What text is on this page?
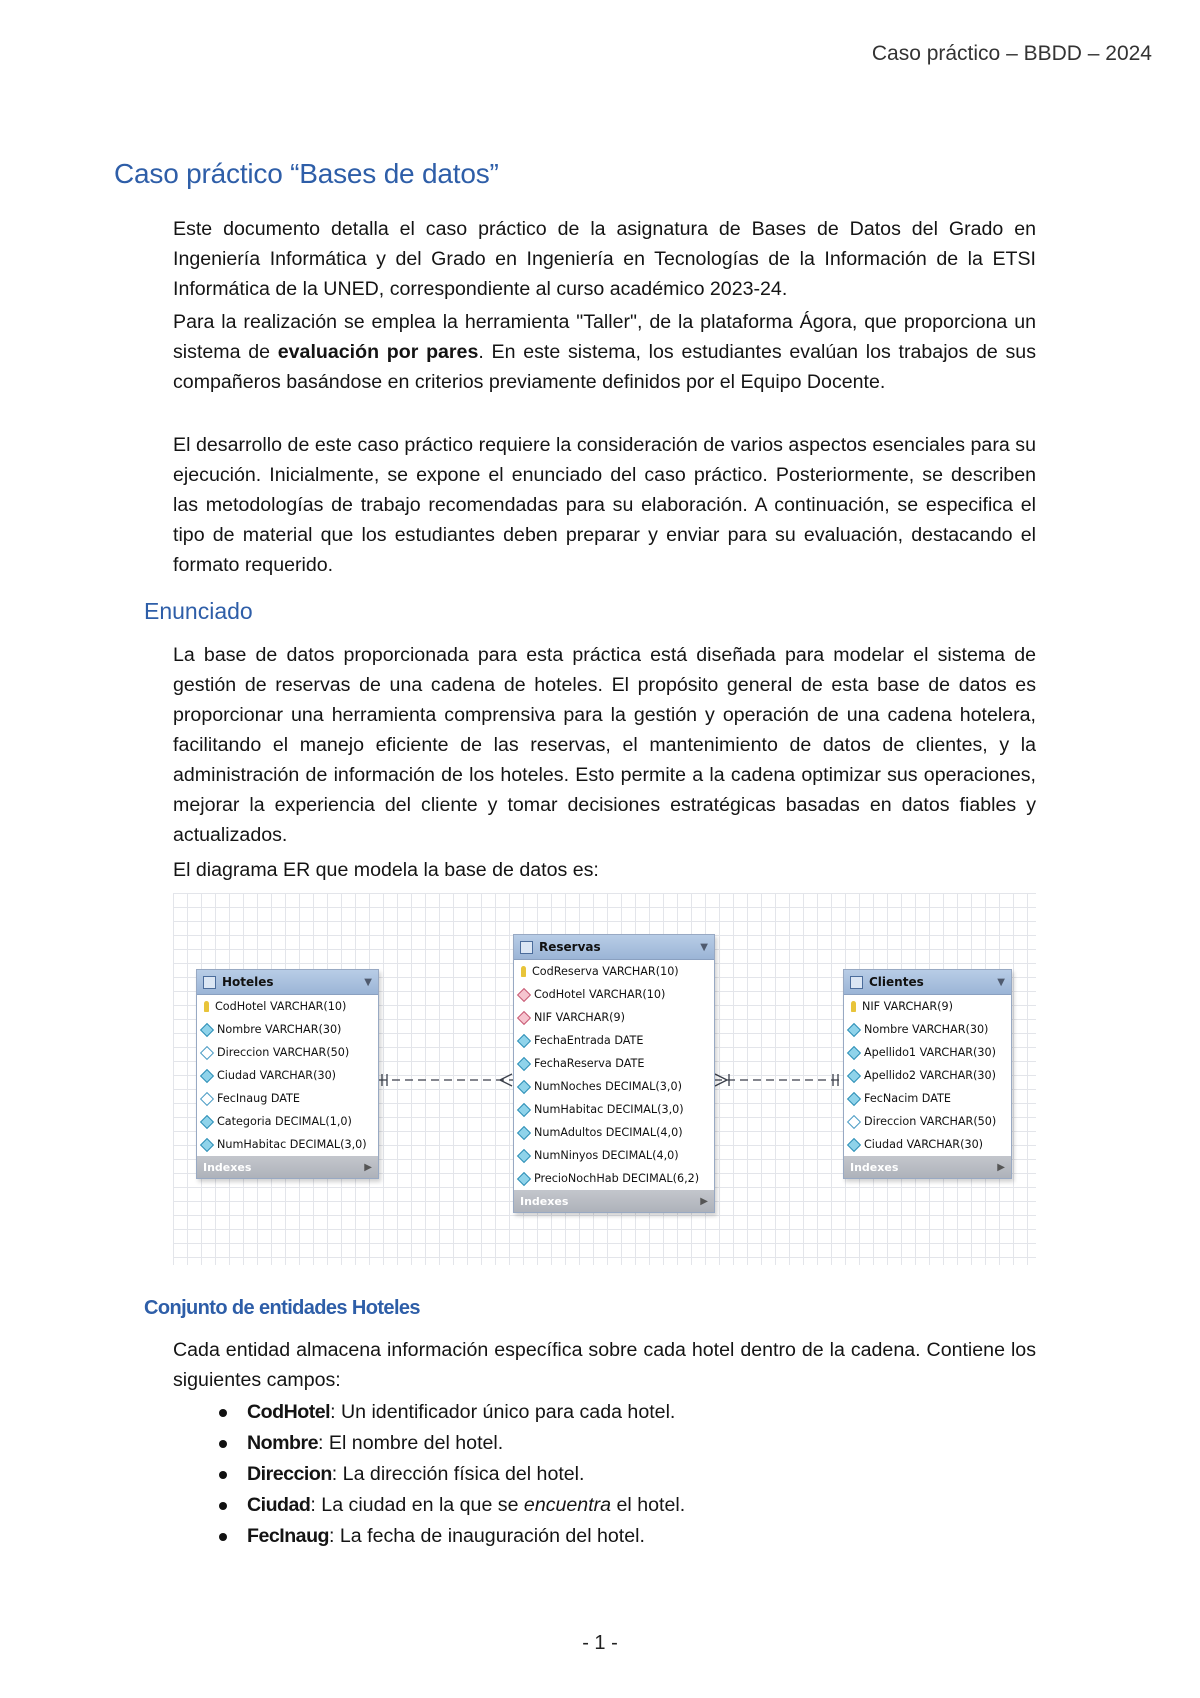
Caso práctico – BBDD – 2024
Caso práctico “Bases de datos”

Este documento detalla el caso práctico de la asignatura de Bases de Datos del Grado en Ingeniería Informática y del Grado en Ingeniería en Tecnologías de la Información de la ETSI Informática de la UNED, correspondiente al curso académico 2023-24.

Para la realización se emplea la herramienta "Taller", de la plataforma Ágora, que proporciona un sistema de evaluación por pares. En este sistema, los estudiantes evalúan los trabajos de sus compañeros basándose en criterios previamente definidos por el Equipo Docente.

El desarrollo de este caso práctico requiere la consideración de varios aspectos esenciales para su ejecución. Inicialmente, se expone el enunciado del caso práctico. Posteriormente, se describen las metodologías de trabajo recomendadas para su elaboración. A continuación, se especifica el tipo de material que los estudiantes deben preparar y enviar para su evaluación, destacando el formato requerido.

Enunciado

La base de datos proporcionada para esta práctica está diseñada para modelar el sistema de gestión de reservas de una cadena de hoteles. El propósito general de esta base de datos es proporcionar una herramienta comprensiva para la gestión y operación de una cadena hotelera, facilitando el manejo eficiente de las reservas, el mantenimiento de datos de clientes, y la administración de información de los hoteles. Esto permite a la cadena optimizar sus operaciones, mejorar la experiencia del cliente y tomar decisiones estratégicas basadas en datos fiables y actualizados.

El diagrama ER que modela la base de datos es:

Hoteles	▼
CodHotel VARCHAR(10)
Nombre VARCHAR(30)
Direccion VARCHAR(50)
Ciudad VARCHAR(30)
FecInaug DATE
Categoria DECIMAL(1,0)
NumHabitac DECIMAL(3,0)
Indexes	▶
Reservas	▼
CodReserva VARCHAR(10)
CodHotel VARCHAR(10)
NIF VARCHAR(9)
FechaEntrada DATE
FechaReserva DATE
NumNoches DECIMAL(3,0)
NumHabitac DECIMAL(3,0)
NumAdultos DECIMAL(4,0)
NumNinyos DECIMAL(4,0)
PrecioNochHab DECIMAL(6,2)
Indexes	▶
Clientes	▼
NIF VARCHAR(9)
Nombre VARCHAR(30)
Apellido1 VARCHAR(30)
Apellido2 VARCHAR(30)
FecNacim DATE
Direccion VARCHAR(50)
Ciudad VARCHAR(30)
Indexes	▶
Conjunto de entidades Hoteles

Cada entidad almacena información específica sobre cada hotel dentro de la cadena. Contiene los siguientes campos:

CodHotel: Un identificador único para cada hotel.
Nombre: El nombre del hotel.
Direccion: La dirección física del hotel.
Ciudad: La ciudad en la que se encuentra el hotel.
FecInaug: La fecha de inauguración del hotel.
- 1 -
